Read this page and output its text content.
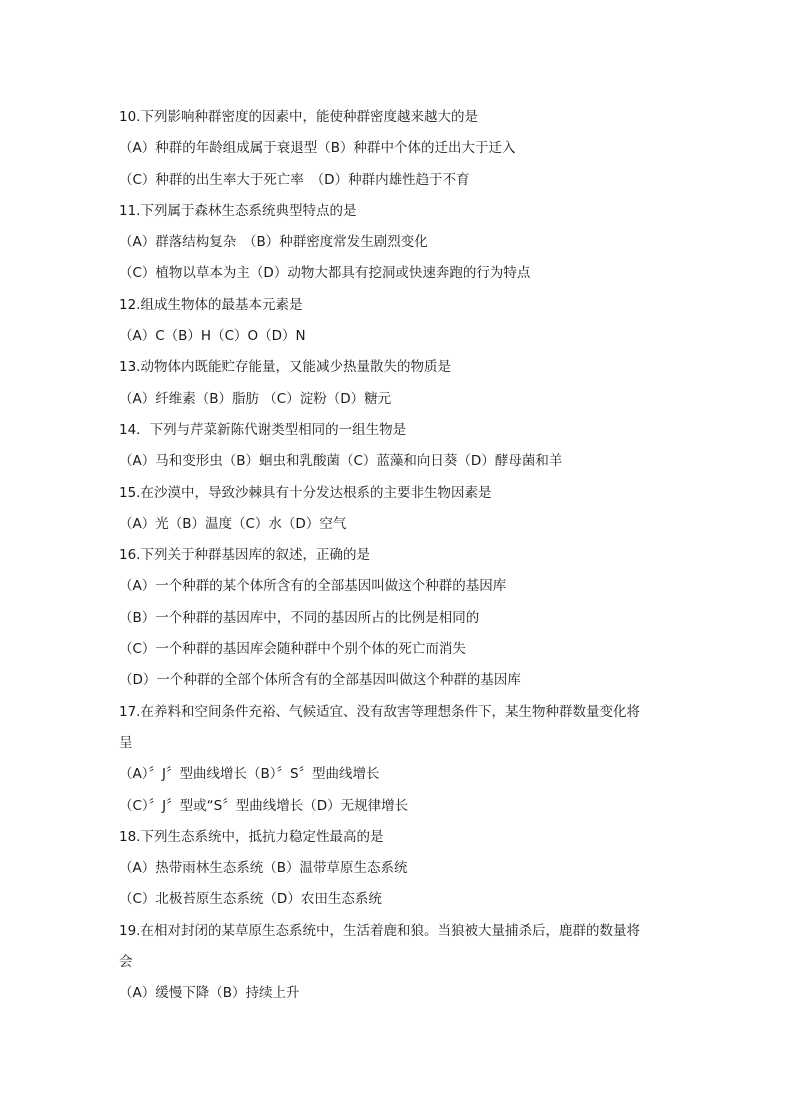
10.下列影响种群密度的因素中，能使种群密度越来越大的是
（A）种群的年龄组成属于衰退型（B）种群中个体的迁出大于迁入
（C）种群的出生率大于死亡率　（D）种群内雄性趋于不育
11.下列属于森林生态系统典型特点的是
（A）群落结构复杂　（B）种群密度常发生剧烈变化
（C）植物以草本为主（D）动物大都具有挖洞或快速奔跑的行为特点
12.组成生物体的最基本元素是
（A）C（B）H（C）O（D）N
13.动物体内既能贮存能量，又能减少热量散失的物质是
（A）纤维素（B）脂肪 （C）淀粉（D）糖元
14．下列与芹菜新陈代谢类型相同的一组生物是
（A）马和变形虫（B）蛔虫和乳酸菌（C）蓝藻和向日葵（D）酵母菌和羊
15.在沙漠中，导致沙棘具有十分发达根系的主要非生物因素是
（A）光（B）温度（C）水（D）空气
16.下列关于种群基因库的叙述，正确的是
（A）一个种群的某个体所含有的全部基因叫做这个种群的基因库
（B）一个种群的基因库中，不同的基因所占的比例是相同的
（C）一个种群的基因库会随种群中个别个体的死亡而消失
（D）一个种群的全部个体所含有的全部基因叫做这个种群的基因库
17.在养料和空间条件充裕、气候适宜、没有敌害等理想条件下，某生物种群数量变化将
呈
（A）〞J〞型曲线增长（B）〞S〞型曲线增长
（C）〞J〞型或“S〞型曲线增长（D）无规律增长
18.下列生态系统中，抵抗力稳定性最高的是
（A）热带雨林生态系统（B）温带草原生态系统
（C）北极苔原生态系统（D）农田生态系统
19.在相对封闭的某草原生态系统中，生活着鹿和狼。当狼被大量捕杀后，鹿群的数量将
会
（A）缓慢下降（B）持续上升
